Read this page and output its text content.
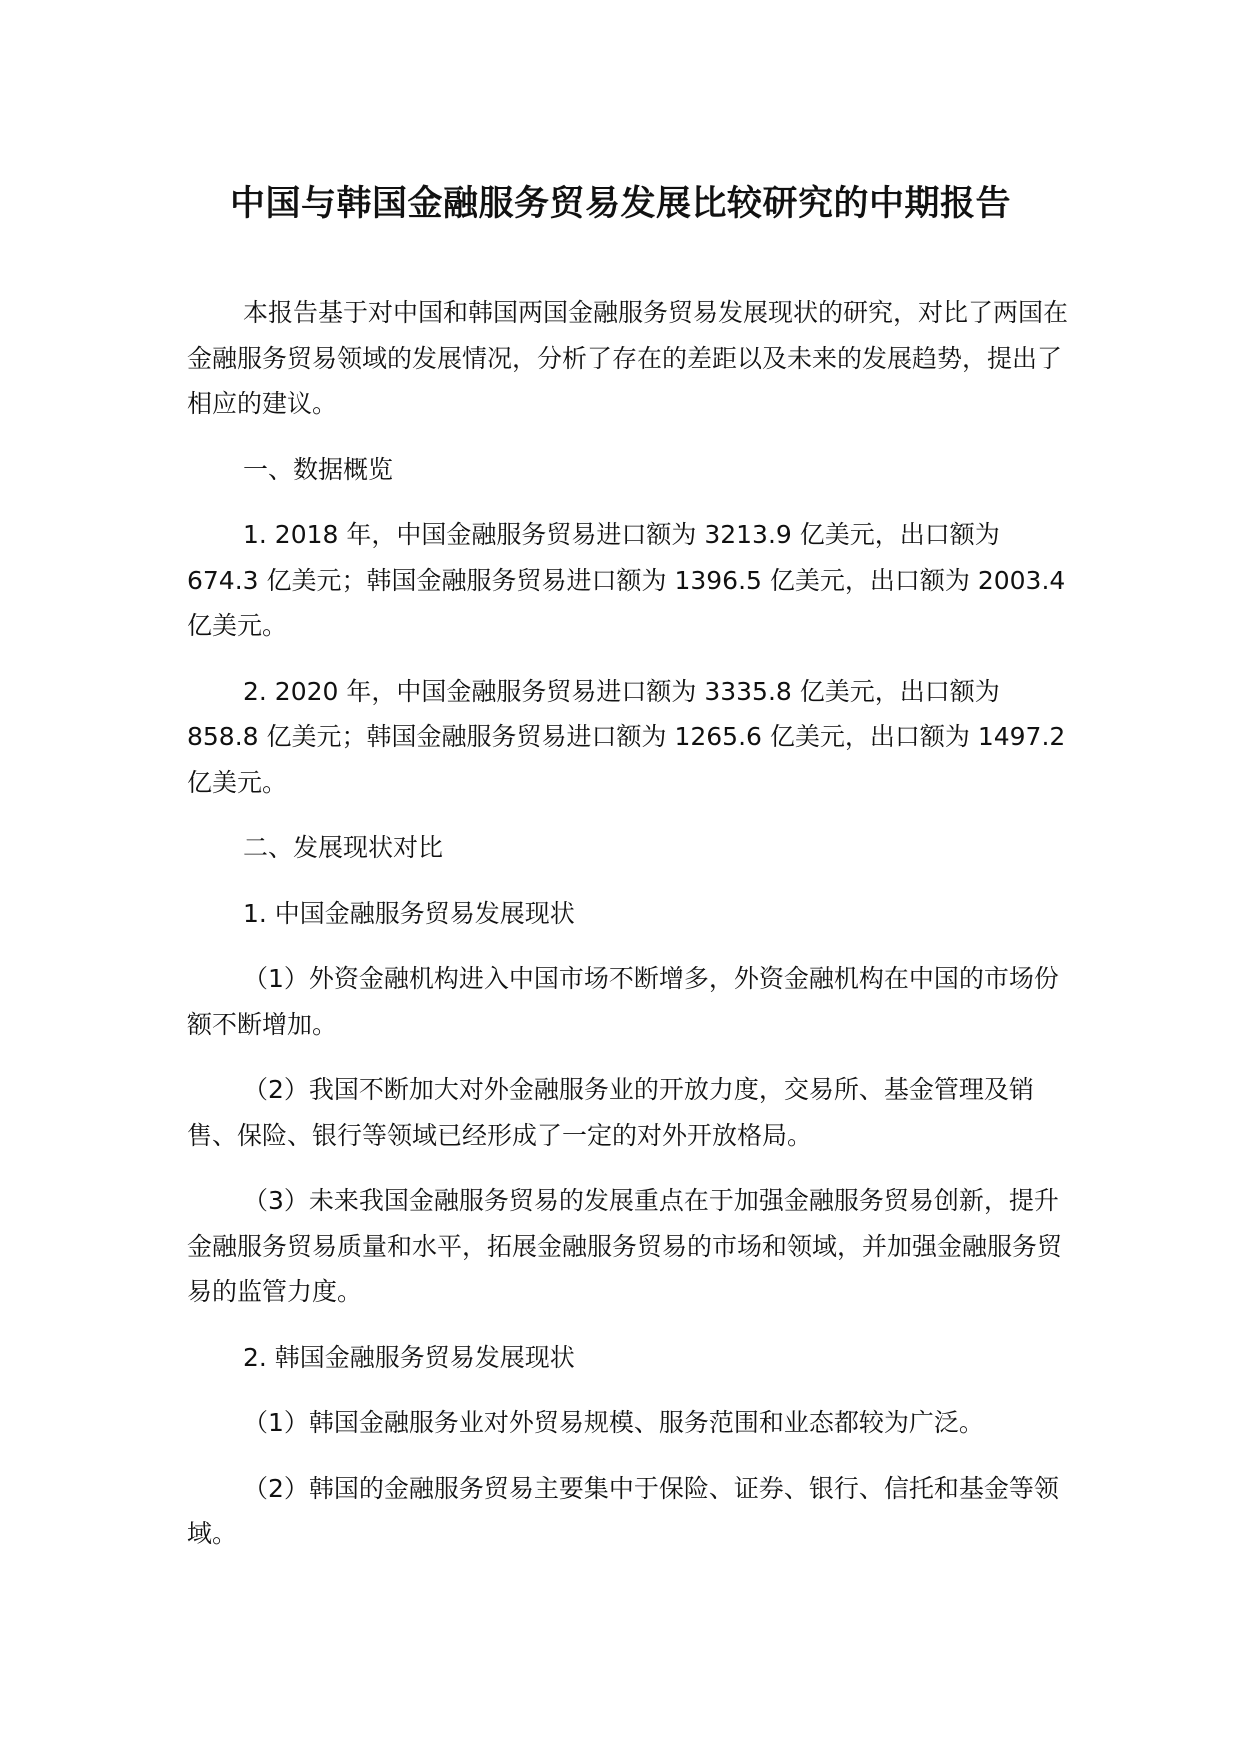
中国与韩国金融服务贸易发展比较研究的中期报告

本报告基于对中国和韩国两国金融服务贸易发展现状的研究，对比了两国在金融服务贸易领域的发展情况，分析了存在的差距以及未来的发展趋势，提出了相应的建议。

一、数据概览

1. 2018 年，中国金融服务贸易进口额为 3213.9 亿美元，出口额为 674.3 亿美元；韩国金融服务贸易进口额为 1396.5 亿美元，出口额为 2003.4 亿美元。

2. 2020 年，中国金融服务贸易进口额为 3335.8 亿美元，出口额为 858.8 亿美元；韩国金融服务贸易进口额为 1265.6 亿美元，出口额为 1497.2 亿美元。

二、发展现状对比

1. 中国金融服务贸易发展现状

（1）外资金融机构进入中国市场不断增多，外资金融机构在中国的市场份额不断增加。

（2）我国不断加大对外金融服务业的开放力度，交易所、基金管理及销售、保险、银行等领域已经形成了一定的对外开放格局。

（3）未来我国金融服务贸易的发展重点在于加强金融服务贸易创新，提升金融服务贸易质量和水平，拓展金融服务贸易的市场和领域，并加强金融服务贸易的监管力度。

2. 韩国金融服务贸易发展现状

（1）韩国金融服务业对外贸易规模、服务范围和业态都较为广泛。

（2）韩国的金融服务贸易主要集中于保险、证券、银行、信托和基金等领域。
